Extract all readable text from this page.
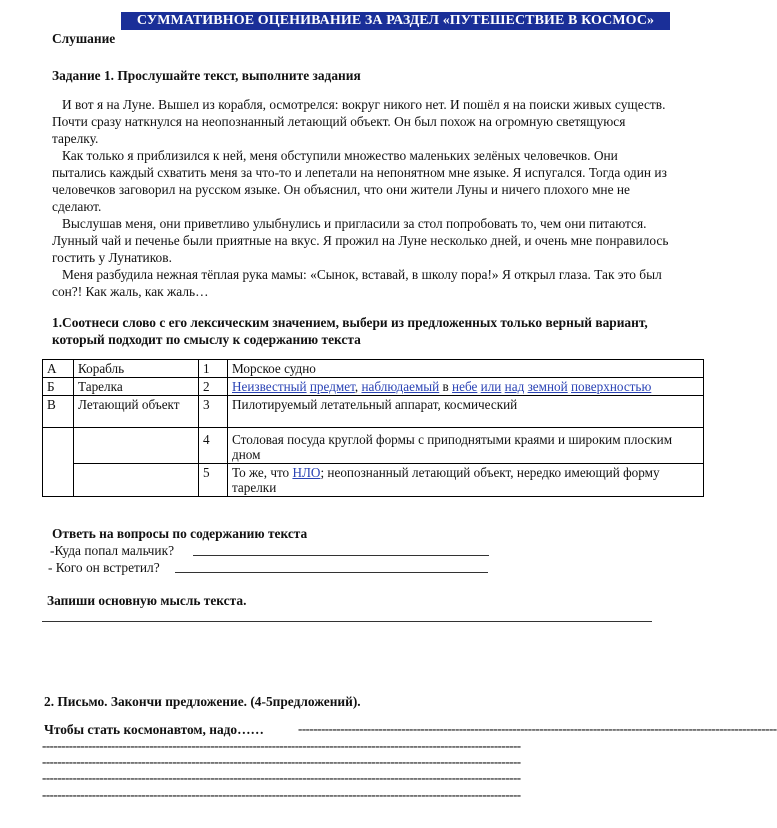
СУММАТИВНОЕ ОЦЕНИВАНИЕ ЗА РАЗДЕЛ «ПУТЕШЕСТВИЕ В КОСМОС»
Слушание
Задание 1. Прослушайте текст, выполните задания

И вот я на Луне. Вышел из корабля, осмотрелся: вокруг никого нет. И пошёл я на поиски живых существ. Почти сразу наткнулся на неопознанный летающий объект. Он был похож на огромную светящуюся тарелку.

Как только я приблизился к ней, меня обступили множество маленьких зелёных человечков. Они пытались каждый схватить меня за что-то и лепетали на непонятном мне языке. Я испугался. Тогда один из человечков заговорил на русском языке. Он объяснил, что они жители Луны и ничего плохого мне не сделают.

Выслушав меня, они приветливо улыбнулись и пригласили за стол попробовать то, чем они питаются. Лунный чай и печенье были приятные на вкус. Я прожил на Луне несколько дней, и очень мне понравилось гостить у Лунатиков.

Меня разбудила нежная тёплая рука мамы: «Сынок, вставай, в школу пора!» Я открыл глаза. Так это был сон?! Как жаль, как жаль…

1.Соотнеси слово с его лексическим значением, выбери из предложенных только верный вариант, который подходит по смыслу к содержанию текста
А	Корабль	1	Морское судно
Б	Тарелка	2	Неизвестный предмет, наблюдаемый в небе или над земной поверхностью
В	Летающий объект	3	Пилотируемый летательный аппарат, космический
		4	Столовая посуда круглой формы с приподнятыми краями и широким плоским дном
		5	То же, что НЛО; неопознанный летающий объект, нередко имеющий форму тарелки
Ответь на вопросы по содержанию текста
-Куда попал мальчик?
- Кого он встретил?
Запиши основную мысль текста.
2. Письмо. Закончи предложение. (4-5предложений).
Чтобы стать космонавтом, надо……	-----------------------------------------------------------------------------------------------------------------------------
-----------------------------------------------------------------------------------------------------------------------------
-----------------------------------------------------------------------------------------------------------------------------
-----------------------------------------------------------------------------------------------------------------------------
-----------------------------------------------------------------------------------------------------------------------------
